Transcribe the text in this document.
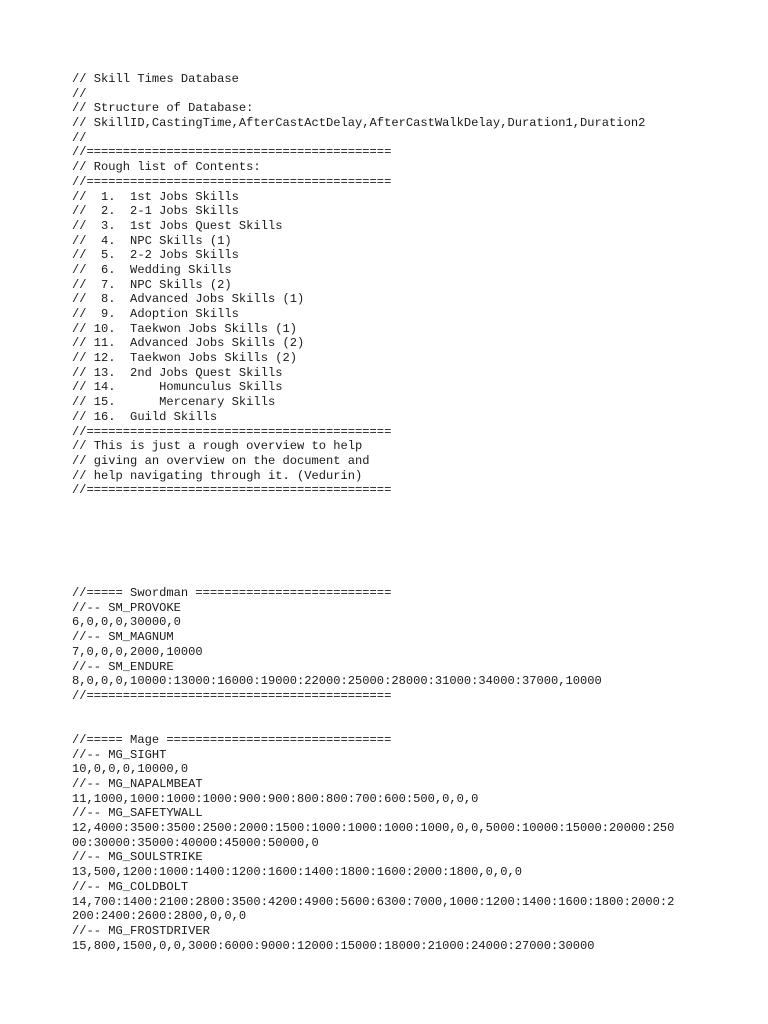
// Skill Times Database
//
// Structure of Database:
// SkillID,CastingTime,AfterCastActDelay,AfterCastWalkDelay,Duration1,Duration2
//
//==========================================
// Rough list of Contents:
//==========================================
//  1.  1st Jobs Skills
//  2.  2-1 Jobs Skills
//  3.  1st Jobs Quest Skills
//  4.  NPC Skills (1)
//  5.  2-2 Jobs Skills
//  6.  Wedding Skills
//  7.  NPC Skills (2)
//  8.  Advanced Jobs Skills (1)
//  9.  Adoption Skills
// 10.  Taekwon Jobs Skills (1)
// 11.  Advanced Jobs Skills (2)
// 12.  Taekwon Jobs Skills (2)
// 13.  2nd Jobs Quest Skills
// 14.      Homunculus Skills
// 15.      Mercenary Skills
// 16.  Guild Skills
//==========================================
// This is just a rough overview to help
// giving an overview on the document and
// help navigating through it. (Vedurin)
//==========================================

//===== Swordman ===========================
//-- SM_PROVOKE
6,0,0,0,30000,0
//-- SM_MAGNUM
7,0,0,0,2000,10000
//-- SM_ENDURE
8,0,0,0,10000:13000:16000:19000:22000:25000:28000:31000:34000:37000,10000
//==========================================

//===== Mage ===============================
//-- MG_SIGHT
10,0,0,0,10000,0
//-- MG_NAPALMBEAT
11,1000,1000:1000:1000:900:900:800:800:700:600:500,0,0,0
//-- MG_SAFETYWALL
12,4000:3500:3500:2500:2000:1500:1000:1000:1000:1000,0,0,5000:10000:15000:20000:250
00:30000:35000:40000:45000:50000,0
//-- MG_SOULSTRIKE
13,500,1200:1000:1400:1200:1600:1400:1800:1600:2000:1800,0,0,0
//-- MG_COLDBOLT
14,700:1400:2100:2800:3500:4200:4900:5600:6300:7000,1000:1200:1400:1600:1800:2000:2
200:2400:2600:2800,0,0,0
//-- MG_FROSTDRIVER
15,800,1500,0,0,3000:6000:9000:12000:15000:18000:21000:24000:27000:30000
